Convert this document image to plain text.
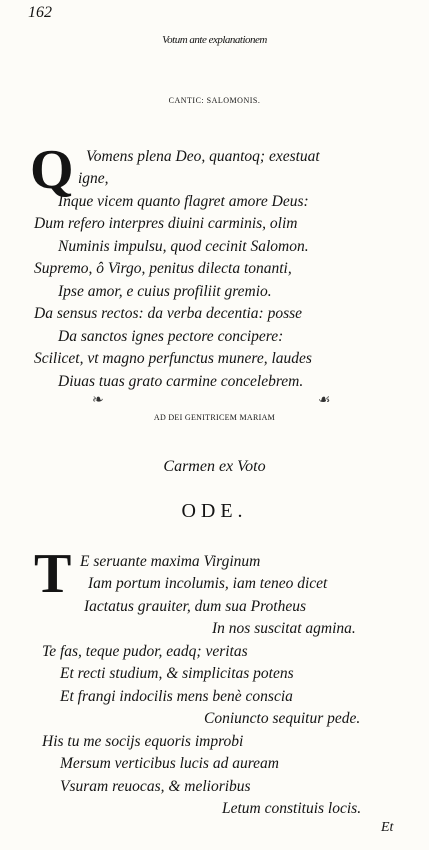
162
Votum ante explanationem
CANTIC: SALOMONIS.
Q Vomens plena Deo, quantoq; exestuat
igne,
Inque vicem quanto flagret amore Deus:
Dum refero interpres diuini carminis, olim
Numinis impulsu, quod cecinit Salomon.
Supremo, ô Virgo, penitus dilecta tonanti,
Ipse amor, e cuius profiliit gremio.
Da sensus rectos: da verba decentia: posse
Da sanctos ignes pectore concipere:
Scilicet, vt magno perfunctus munere, laudes
Diuas tuas grato carmine concelebrem.
❧	☙
AD DEI GENITRICEM MARIAM
Carmen ex Voto
ODE.
T E seruante maxima Virginum
Iam portum incolumis, iam teneo dicet
Iactatus grauiter, dum sua Protheus
In nos suscitat agmina.
Te fas, teque pudor, eadq; veritas
Et recti studium, & simplicitas potens
Et frangi indocilis mens benè conscia
Coniuncto sequitur pede.
His tu me socijs equoris improbi
Mersum verticibus lucis ad auream
Vsuram reuocas, & melioribus
Letum constituis locis.
Et
